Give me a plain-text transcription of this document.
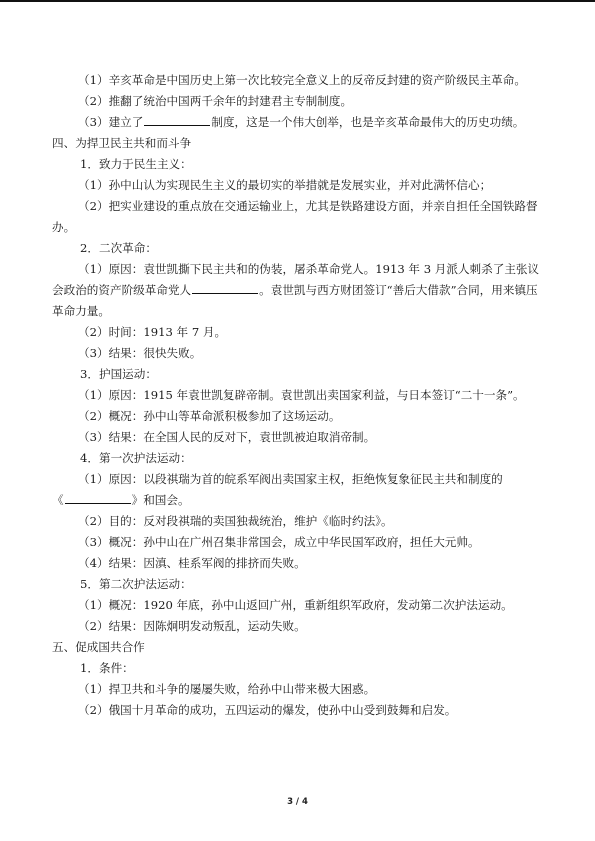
（1）辛亥革命是中国历史上第一次比较完全意义上的反帝反封建的资产阶级民主革命。
（2）推翻了统治中国两千余年的封建君主专制制度。
（3）建立了	制度，这是一个伟大创举，也是辛亥革命最伟大的历史功绩。
四、为捍卫民主共和而斗争
1．致力于民生主义：
（1）孙中山认为实现民生主义的最切实的举措就是发展实业，并对此满怀信心；
（2）把实业建设的重点放在交通运输业上，尤其是铁路建设方面，并亲自担任全国铁路督办。
2．二次革命：
（1）原因：袁世凯撕下民主共和的伪装，屠杀革命党人。1913 年 3 月派人刺杀了主张议会政治的资产阶级革命党人	。袁世凯与西方财团签订“善后大借款”合同，用来镇压革命力量。
（2）时间：1913 年 7 月。
（3）结果：很快失败。
3．护国运动：
（1）原因：1915 年袁世凯复辟帝制。袁世凯出卖国家利益，与日本签订“二十一条”。
（2）概况：孙中山等革命派积极参加了这场运动。
（3）结果：在全国人民的反对下，袁世凯被迫取消帝制。
4．第一次护法运动：
（1）原因：以段祺瑞为首的皖系军阀出卖国家主权，拒绝恢复象征民主共和制度的
《	》和国会。
（2）目的：反对段祺瑞的卖国独裁统治，维护《临时约法》。
（3）概况：孙中山在广州召集非常国会，成立中华民国军政府，担任大元帅。
（4）结果：因滇、桂系军阀的排挤而失败。
5．第二次护法运动：
（1）概况：1920 年底，孙中山返回广州，重新组织军政府，发动第二次护法运动。
（2）结果：因陈炯明发动叛乱，运动失败。
五、促成国共合作
1．条件：
（1）捍卫共和斗争的屡屡失败，给孙中山带来极大困惑。
（2）俄国十月革命的成功，五四运动的爆发，使孙中山受到鼓舞和启发。
3 / 4
